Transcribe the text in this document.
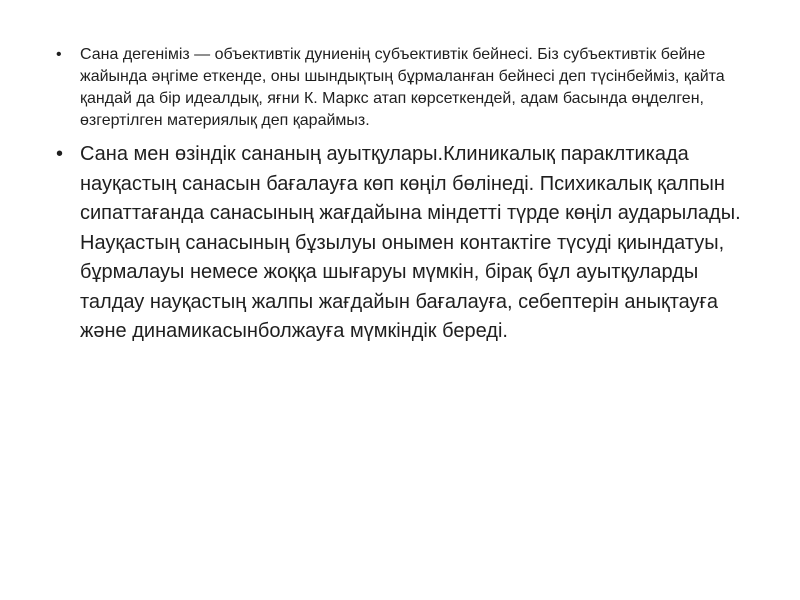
• Сана дегеніміз — объективтік дуниенің субъективтік бейнесі. Біз субъективтік бейне жайында әңгіме еткенде, оны шындықтың бұрмаланған бейнесі деп түсінбейміз, қайта қандай да бір идеалдық, яғни К. Маркс атап көрсеткендей, адам басында өңделген, өзгертілген материялық деп қараймыз.
• Сана мен өзіндік сананың ауытқулары.Клиникалық параклтикада науқастың санасын бағалауға көп көңіл бөлінеді. Психикалық қалпын сипаттағанда санасының жағдайына міндетті түрде көңіл аударылады. Науқастың санасының бұзылуы онымен контактіге түсуді қиындатуы, бұрмалауы немесе жоққа шығаруы мүмкін, бірақ бұл ауытқуларды талдау науқастың жалпы жағдайын бағалауға, себептерін анықтауға және динамикасынболжауға мүмкіндік береді.
